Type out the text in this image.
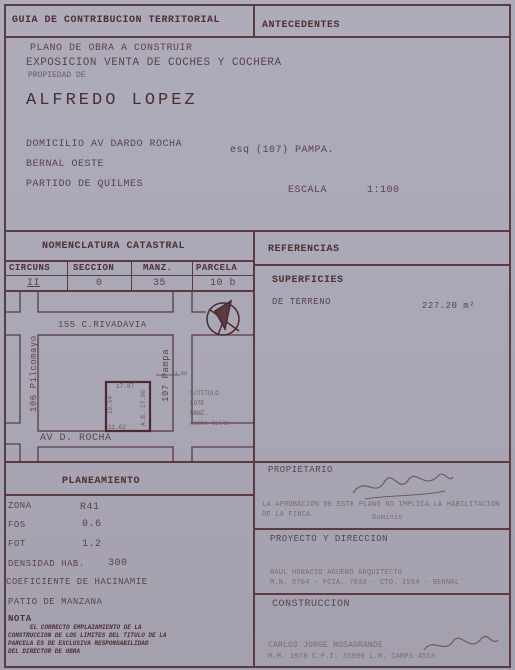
GUIA DE CONTRIBUCION TERRITORIAL	ANTECEDENTES
PLANO DE OBRA A CONSTRUIR
EXPOSICION VENTA DE COCHES Y COCHERA
PROPIEDAD DE
ALFREDO LOPEZ
DOMICILIO AV DARDO ROCHA
esq (107) PAMPA.
BERNAL OESTE
PARTIDO DE QUILMES
ESCALA	1:100
NOMENCLATURA CATASTRAL
CIRCUNS	SECCION	MANZ.	PARCELA
II	0	35	10 b
155 C.RIVADAVIA
106 Pilcomayo	107 Pampa
AV D. ROCHA
17.87
19.54	A.B. 17.90
11.62
11.00
S/TITULO
LOTE
MANZ.
Ancho Calle
REFERENCIAS
SUPERFICIES
DE TERRENO	227.20 m²
PLANEAMIENTO
ZONA	R41
FOS	0.6
FOT	1.2
DENSIDAD HAB. 300
COEFICIENTE DE HACINAMIE
PATIO DE MANZANA
NOTA
EL CORRECTO EMPLAZAMIENTO DE LA
CONSTRUCCION DE LOS LIMITES DEL TITULO DE LA
PARCELA ES DE EXCLUSIVA RESPONSABILIDAD
DEL DIRECTOR DE OBRA
PROPIETARIO
LA APROBACION DE ESTE PLANO NO IMPLICA LA HABILITACION
DE LA FINCA	Dominio
PROYECTO Y DIRECCION
RAUL HORACIO AGUERO ARQUITECTO
M.N. 5764 - PCIA. 7033 - CTO. 1554 - BERNAL
CONSTRUCCION
CARLOS JORGE ROSAGRANDE
M.M. 1978 C.P.I. 35990 L.M. CAMPS 4513
